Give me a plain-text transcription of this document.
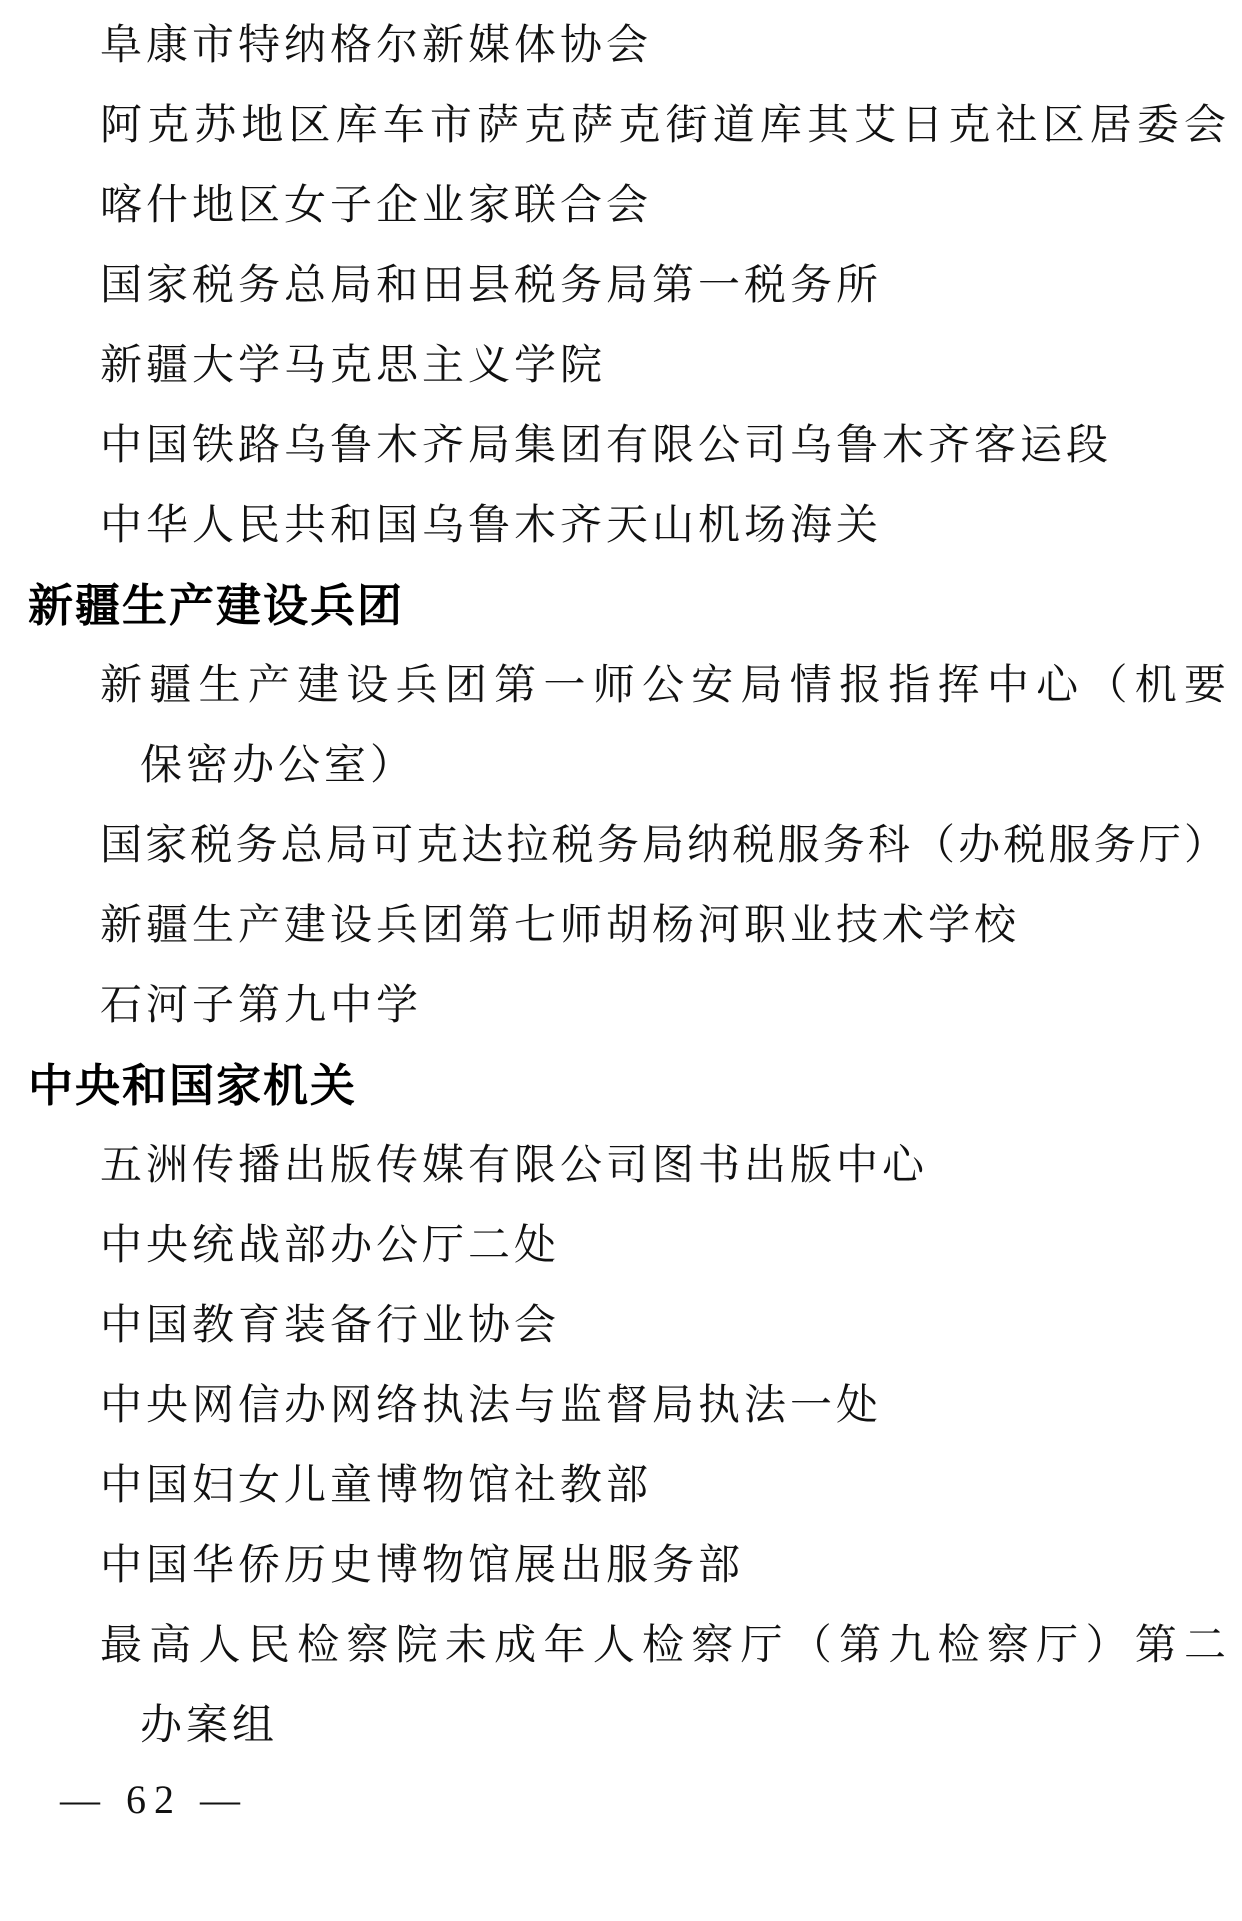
阜康市特纳格尔新媒体协会
阿克苏地区库车市萨克萨克街道库其艾日克社区居委会
喀什地区女子企业家联合会
国家税务总局和田县税务局第一税务所
新疆大学马克思主义学院
中国铁路乌鲁木齐局集团有限公司乌鲁木齐客运段
中华人民共和国乌鲁木齐天山机场海关
新疆生产建设兵团
新疆生产建设兵团第一师公安局情报指挥中心（机要
保密办公室）
国家税务总局可克达拉税务局纳税服务科（办税服务厅）
新疆生产建设兵团第七师胡杨河职业技术学校
石河子第九中学
中央和国家机关
五洲传播出版传媒有限公司图书出版中心
中央统战部办公厅二处
中国教育装备行业协会
中央网信办网络执法与监督局执法一处
中国妇女儿童博物馆社教部
中国华侨历史博物馆展出服务部
最高人民检察院未成年人检察厅（第九检察厅）第二
办案组
— 62 —
